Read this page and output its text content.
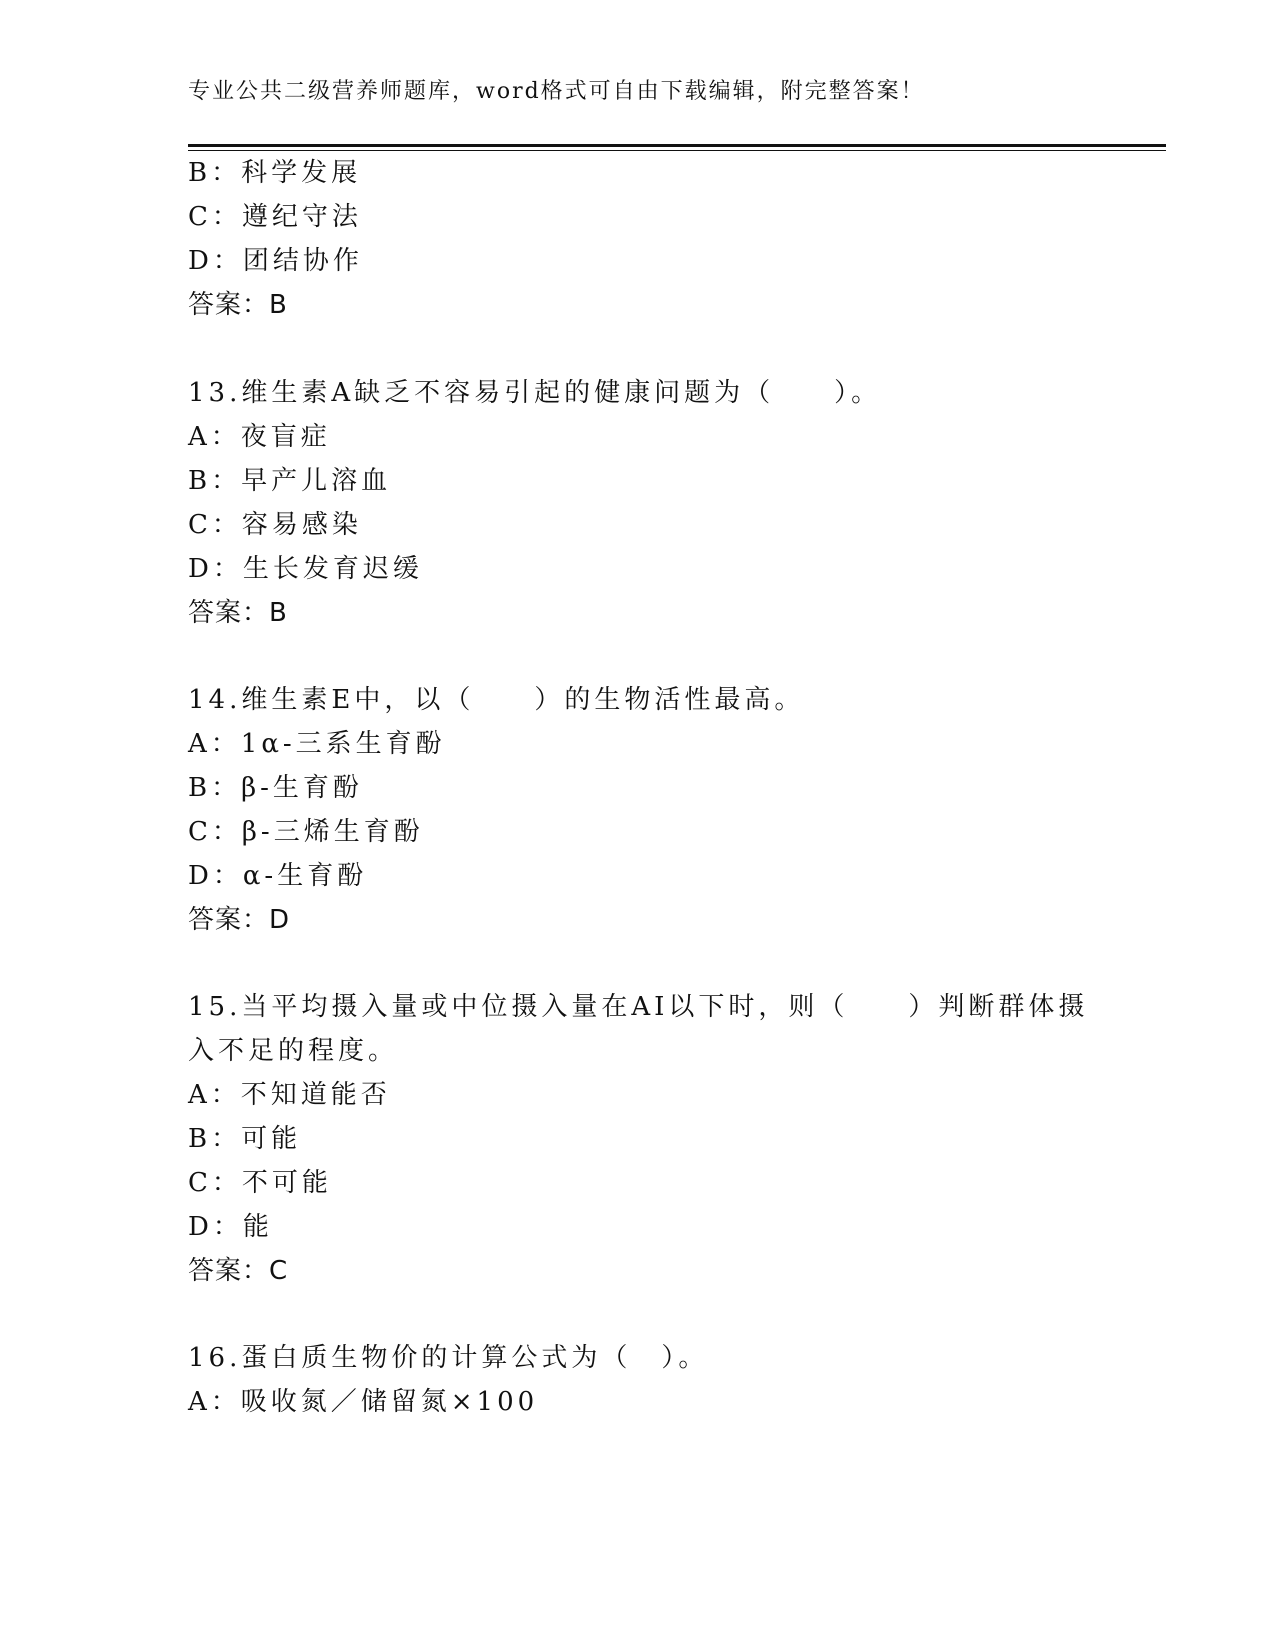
专业公共二级营养师题库，word格式可自由下载编辑，附完整答案！
B：科学发展
C：遵纪守法
D：团结协作
答案：B
13.维生素A缺乏不容易引起的健康问题为（　　）。
A：夜盲症
B：早产儿溶血
C：容易感染
D：生长发育迟缓
答案：B
14.维生素E中，以（　　）的生物活性最高。
A：1α-三系生育酚
B：β-生育酚
C：β-三烯生育酚
D：α-生育酚
答案：D
15.当平均摄入量或中位摄入量在AI以下时，则（　　）判断群体摄
入不足的程度。
A：不知道能否
B：可能
C：不可能
D：能
答案：C
16.蛋白质生物价的计算公式为（　）。
A：吸收氮／储留氮×100
